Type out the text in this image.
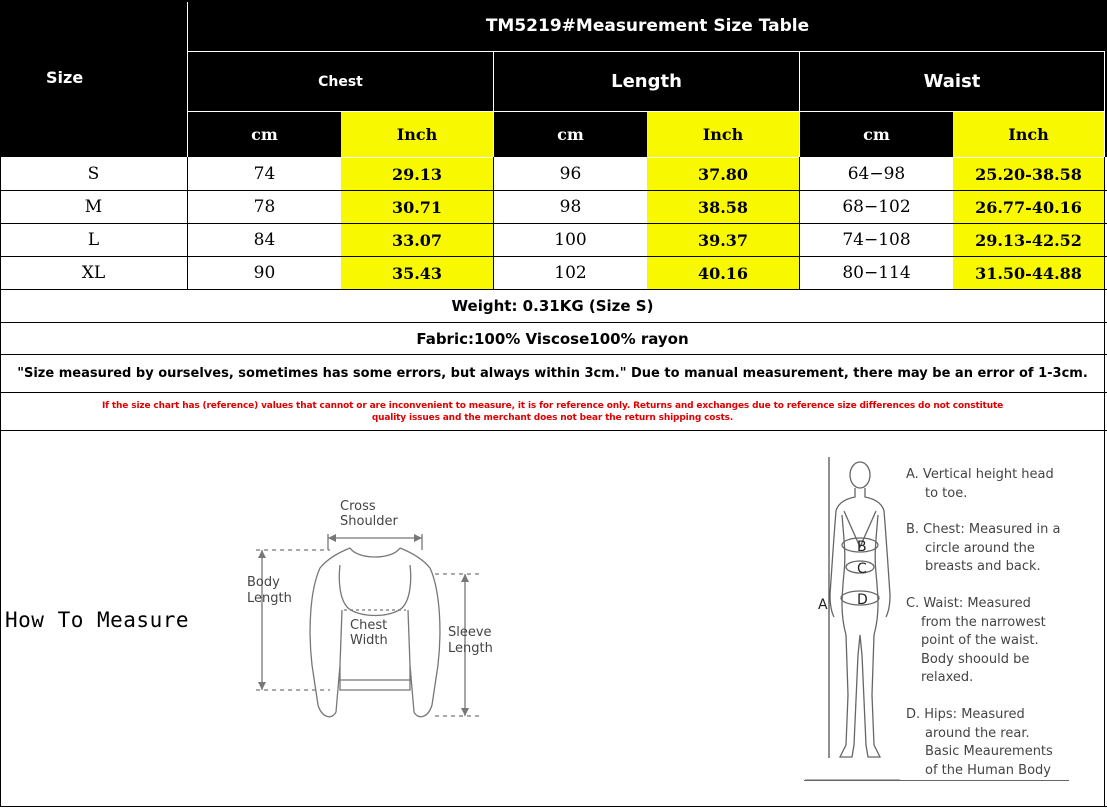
Size
TM5219#Measurement Size Table
Chest	Length	Waist
cm	Inch	cm	Inch	cm	Inch
S	74	29.13	96	37.80	64−98	25.20-38.58
M	78	30.71	98	38.58	68−102	26.77-40.16
L	84	33.07	100	39.37	74−108	29.13-42.52
XL	90	35.43	102	40.16	80−114	31.50-44.88
Weight: 0.31KG (Size S)
Fabric:100% Viscose100% rayon
"Size measured by ourselves, sometimes has some errors, but always within 3cm." Due to manual measurement, there may be an error of 1-3cm.
If the size chart has (reference) values that cannot or are inconvenient to measure, it is for reference only. Returns and exchanges due to reference size differences do not constitute
quality issues and the merchant does not bear the return shipping costs.
How To Measure
Cross
Shoulder
Body
Length
Chest
Width
Sleeve
Length
A
B
C
D
A. Vertical height head
to toe.
B. Chest: Measured in a
circle around the
breasts and back.
C. Waist: Measured
from the narrowest
point of the waist.
Body shoould be
relaxed.
D. Hips: Measured
around the rear.
Basic Meaurements
of the Human Body
